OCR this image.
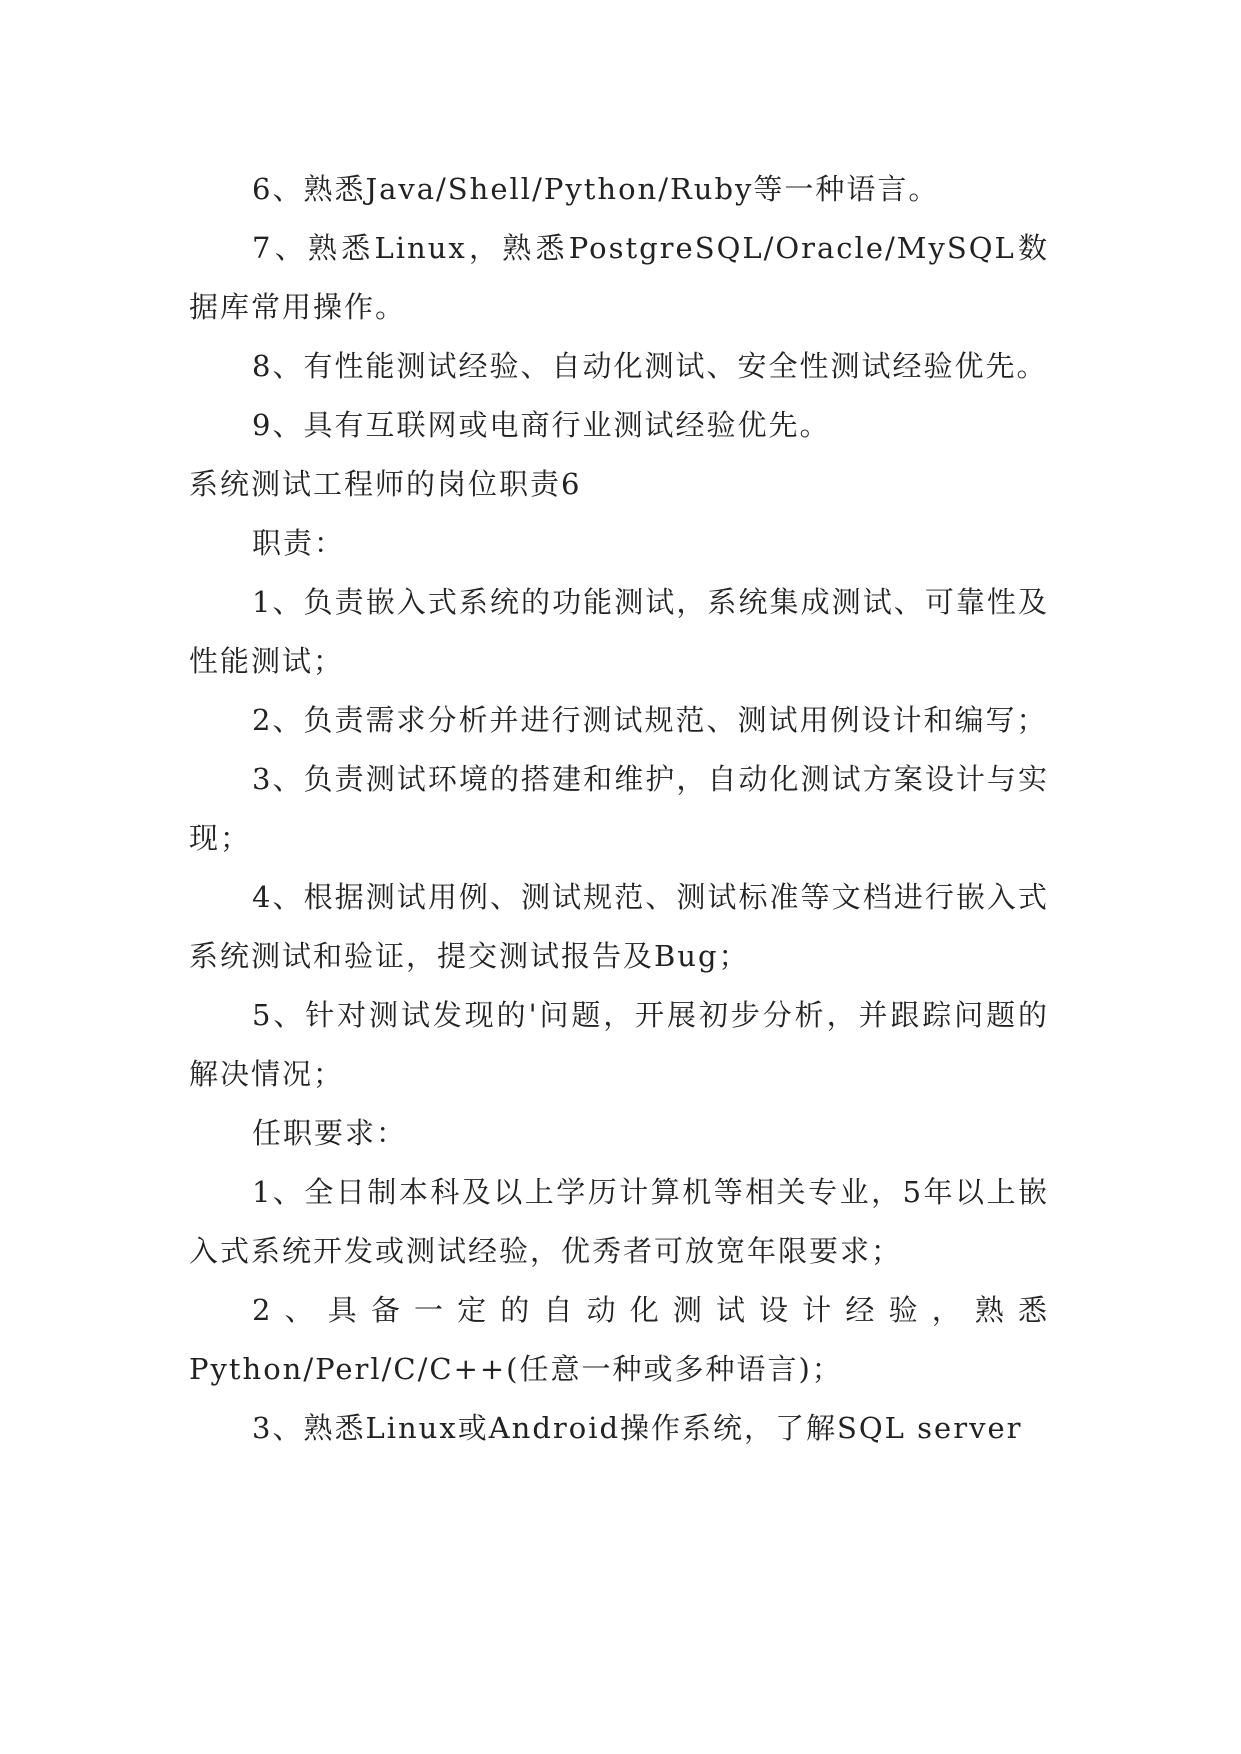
6、熟悉Java/Shell/Python/Ruby等一种语言。

7、熟悉Linux，熟悉PostgreSQL/Oracle/MySQL数据库常用操作。

8、有性能测试经验、自动化测试、安全性测试经验优先。

9、具有互联网或电商行业测试经验优先。

系统测试工程师的岗位职责6

职责：

1、负责嵌入式系统的功能测试，系统集成测试、可靠性及性能测试；

2、负责需求分析并进行测试规范、测试用例设计和编写；

3、负责测试环境的搭建和维护，自动化测试方案设计与实现；

4、根据测试用例、测试规范、测试标准等文档进行嵌入式系统测试和验证，提交测试报告及Bug；

5、针对测试发现的'问题，开展初步分析，并跟踪问题的解决情况；

任职要求：

1、全日制本科及以上学历计算机等相关专业，5年以上嵌入式系统开发或测试经验，优秀者可放宽年限要求；

2、具备一定的自动化测试设计经验，熟悉Python/Perl/C/C++(任意一种或多种语言)；

3、熟悉Linux或Android操作系统，了解SQL server
